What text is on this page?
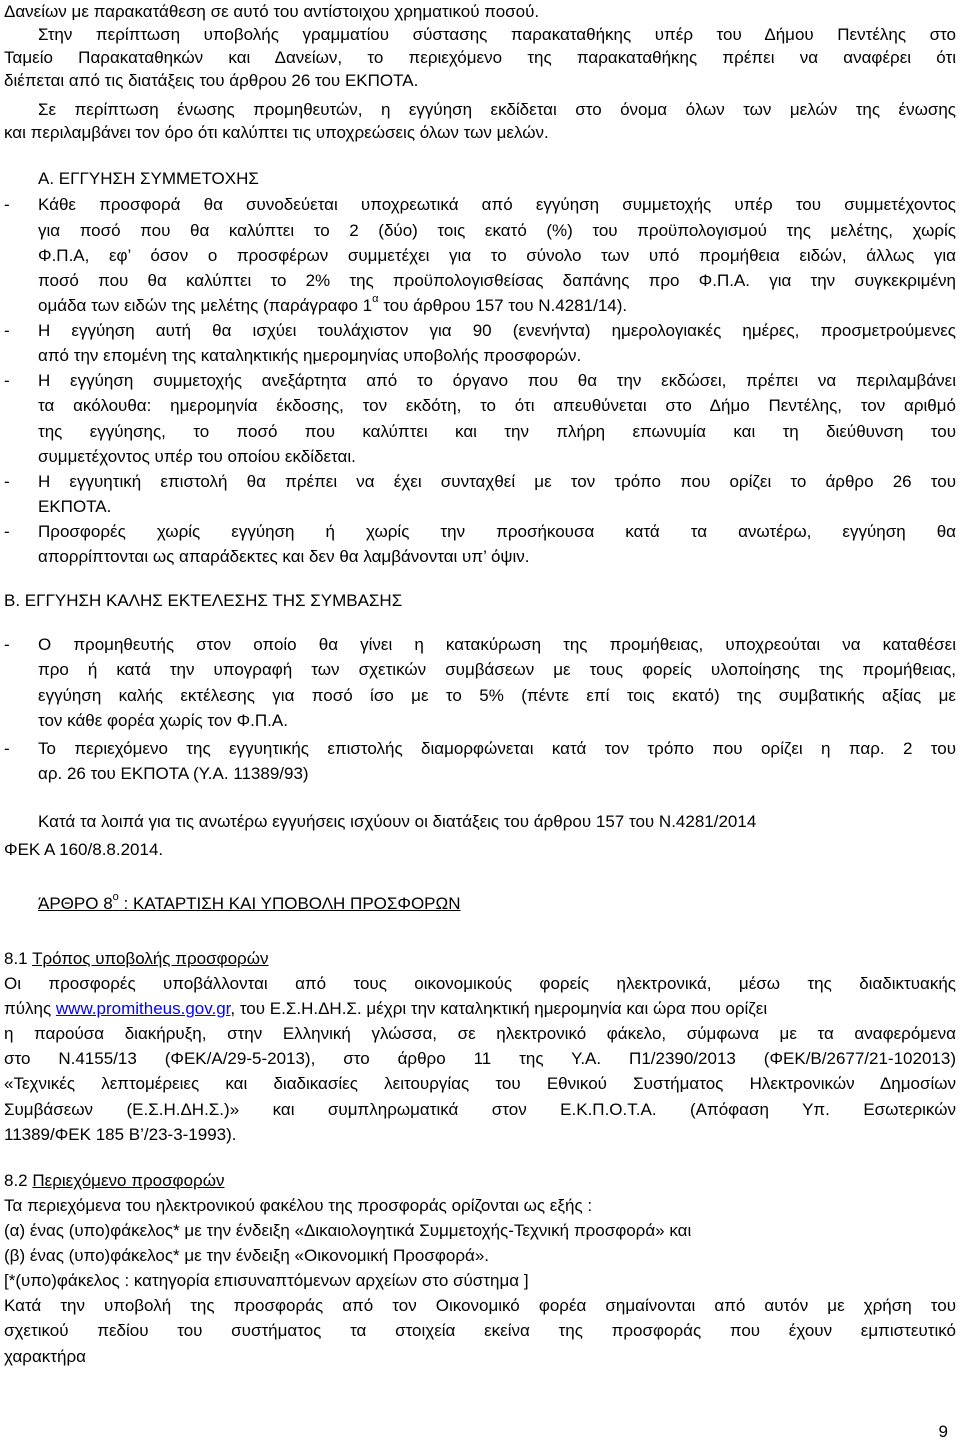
Δανείων με παρακατάθεση σε αυτό του αντίστοιχου χρηματικού ποσού.
Στην περίπτωση υποβολής γραμματίου σύστασης παρακαταθήκης υπέρ του Δήμου Πεντέλης στο
Ταμείο Παρακαταθηκών και Δανείων, το περιεχόμενο της παρακαταθήκης πρέπει να αναφέρει ότι
διέπεται από τις διατάξεις του άρθρου 26 του ΕΚΠΟΤΑ.
Σε περίπτωση ένωσης προμηθευτών, η εγγύηση εκδίδεται στο όνομα όλων των μελών της ένωσης
και περιλαμβάνει τον όρο ότι καλύπτει τις υποχρεώσεις όλων των μελών.
Α. ΕΓΓΥΗΣΗ ΣΥΜΜΕΤΟΧΗΣ
- Κάθε προσφορά θα συνοδεύεται υποχρεωτικά από εγγύηση συμμετοχής υπέρ του συμμετέχοντος
για ποσό που θα καλύπτει το 2 (δύο) τοις εκατό (%) του προϋπολογισμού της μελέτης, χωρίς
Φ.Π.Α, εφ’ όσον ο προσφέρων συμμετέχει για το σύνολο των υπό προμήθεια ειδών, άλλως για
ποσό που θα καλύπτει το 2% της προϋπολογισθείσας δαπάνης προ Φ.Π.Α. για την συγκεκριμένη
ομάδα των ειδών της μελέτης (παράγραφο $1^\alpha$ του άρθρου 157 του Ν.4281/14).
- Η εγγύηση αυτή θα ισχύει τουλάχιστον για 90 (ενενήντα) ημερολογιακές ημέρες, προσμετρούμενες
από την επομένη της καταληκτικής ημερομηνίας υποβολής προσφορών.
- Η εγγύηση συμμετοχής ανεξάρτητα από το όργανο που θα την εκδώσει, πρέπει να περιλαμβάνει
τα ακόλουθα: ημερομηνία έκδοσης, τον εκδότη, το ότι απευθύνεται στο Δήμο Πεντέλης, τον αριθμό
της εγγύησης, το ποσό που καλύπτει και την πλήρη επωνυμία και τη διεύθυνση του
συμμετέχοντος υπέρ του οποίου εκδίδεται.
- Η εγγυητική επιστολή θα πρέπει να έχει συνταχθεί με τον τρόπο που ορίζει το άρθρο 26 του
ΕΚΠΟΤΑ.
- Προσφορές χωρίς εγγύηση ή χωρίς την προσήκουσα κατά τα ανωτέρω, εγγύηση θα
απορρίπτονται ως απαράδεκτες και δεν θα λαμβάνονται υπ’ όψιν.
Β. ΕΓΓΥΗΣΗ ΚΑΛΗΣ ΕΚΤΕΛΕΣΗΣ ΤΗΣ ΣΥΜΒΑΣΗΣ
- Ο προμηθευτής στον οποίο θα γίνει η κατακύρωση της προμήθειας, υποχρεούται να καταθέσει
προ ή κατά την υπογραφή των σχετικών συμβάσεων με τους φορείς υλοποίησης της προμήθειας,
εγγύηση καλής εκτέλεσης για ποσό ίσο με το 5% (πέντε επί τοις εκατό) της συμβατικής αξίας με
τον κάθε φορέα χωρίς τον Φ.Π.Α.
- Το περιεχόμενο της εγγυητικής επιστολής διαμορφώνεται κατά τον τρόπο που ορίζει η παρ. 2 του
αρ. 26 του ΕΚΠΟΤΑ (Υ.Α. 11389/93)
Κατά τα λοιπά για τις ανωτέρω εγγυήσεις ισχύουν οι διατάξεις του άρθρου 157 του Ν.4281/2014
ΦΕΚ Α 160/8.8.2014.
ΆΡΘΡΟ $8^o$ : ΚΑΤΑΡΤΙΣΗ ΚΑΙ ΥΠΟΒΟΛΗ ΠΡΟΣΦΟΡΩΝ
8.1 Τρόπος υποβολής προσφορών
Οι προσφορές υποβάλλονται από τους οικονομικούς φορείς ηλεκτρονικά, μέσω της διαδικτυακής
πύλης www.promitheus.gov.gr, του Ε.Σ.Η.ΔΗ.Σ. μέχρι την καταληκτική ημερομηνία και ώρα που ορίζει
η παρούσα διακήρυξη, στην Ελληνική γλώσσα, σε ηλεκτρονικό φάκελο, σύμφωνα με τα αναφερόμενα
στο Ν.4155/13 (ΦΕΚ/Α/29-5-2013), στο άρθρο 11 της Υ.Α. Π1/2390/2013 (ΦΕΚ/Β/2677/21-102013)
«Τεχνικές λεπτομέρειες και διαδικασίες λειτουργίας του Εθνικού Συστήματος Ηλεκτρονικών Δημοσίων
Συμβάσεων (Ε.Σ.Η.ΔΗ.Σ.)» και συμπληρωματικά στον Ε.Κ.Π.Ο.Τ.Α. (Απόφαση Υπ. Εσωτερικών
11389/ΦΕΚ 185 Β’/23-3-1993).
8.2 Περιεχόμενο προσφορών
Τα περιεχόμενα του ηλεκτρονικού φακέλου της προσφοράς ορίζονται ως εξής :
(α) ένας (υπο)φάκελος* με την ένδειξη «Δικαιολογητικά Συμμετοχής-Τεχνική προσφορά» και
(β) ένας (υπο)φάκελος* με την ένδειξη «Οικονομική Προσφορά».
[*(υπο)φάκελος : κατηγορία επισυναπτόμενων αρχείων στο σύστημα ]
Κατά την υποβολή της προσφοράς από τον Οικονομικό φορέα σημαίνονται από αυτόν με χρήση του
σχετικού πεδίου του συστήματος τα στοιχεία εκείνα της προσφοράς που έχουν εμπιστευτικό
χαρακτήρα
9
